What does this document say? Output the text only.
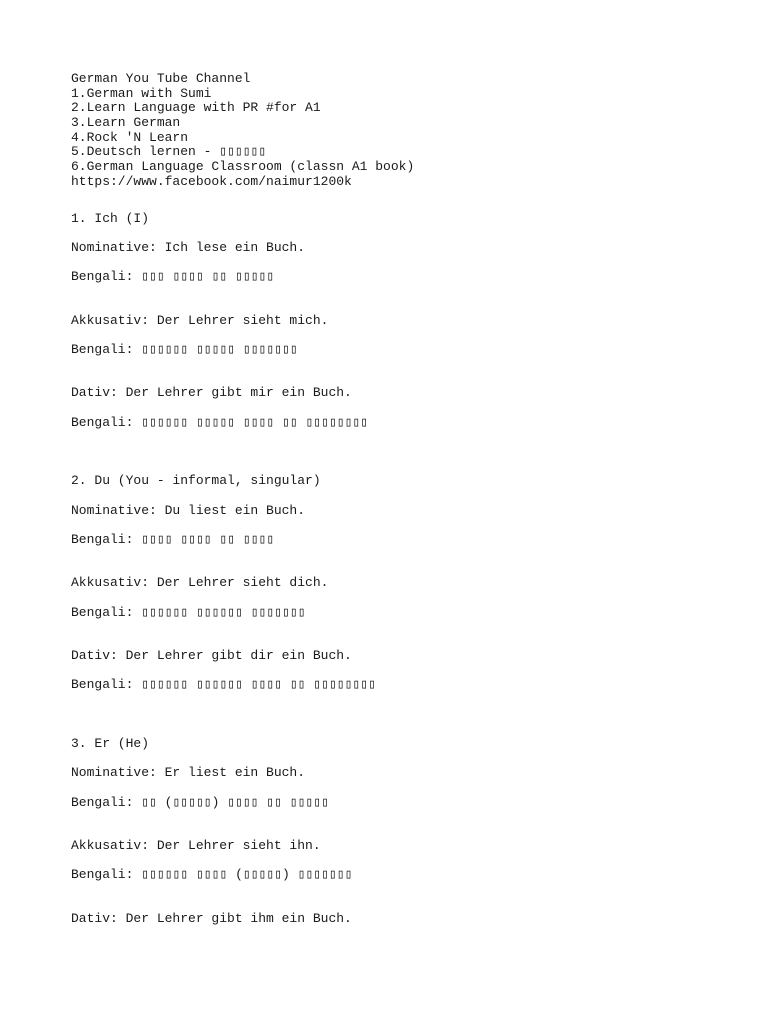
German You Tube Channel
1.German with Sumi
2.Learn Language with PR #for A1
3.Learn German
4.Rock 'N Learn
5.Deutsch lernen - ▯▯▯▯▯▯
6.German Language Classroom (classn A1 book)
https://www.facebook.com/naimur1200k
1. Ich (I)
Nominative: Ich lese ein Buch.
Bengali: ▯▯▯ ▯▯▯▯ ▯▯ ▯▯▯▯▯
Akkusativ: Der Lehrer sieht mich.
Bengali: ▯▯▯▯▯▯ ▯▯▯▯▯ ▯▯▯▯▯▯▯
Dativ: Der Lehrer gibt mir ein Buch.
Bengali: ▯▯▯▯▯▯ ▯▯▯▯▯ ▯▯▯▯ ▯▯ ▯▯▯▯▯▯▯▯
2. Du (You - informal, singular)
Nominative: Du liest ein Buch.
Bengali: ▯▯▯▯ ▯▯▯▯ ▯▯ ▯▯▯▯
Akkusativ: Der Lehrer sieht dich.
Bengali: ▯▯▯▯▯▯ ▯▯▯▯▯▯ ▯▯▯▯▯▯▯
Dativ: Der Lehrer gibt dir ein Buch.
Bengali: ▯▯▯▯▯▯ ▯▯▯▯▯▯ ▯▯▯▯ ▯▯ ▯▯▯▯▯▯▯▯
3. Er (He)
Nominative: Er liest ein Buch.
Bengali: ▯▯ (▯▯▯▯▯) ▯▯▯▯ ▯▯ ▯▯▯▯▯
Akkusativ: Der Lehrer sieht ihn.
Bengali: ▯▯▯▯▯▯ ▯▯▯▯ (▯▯▯▯▯) ▯▯▯▯▯▯▯
Dativ: Der Lehrer gibt ihm ein Buch.
